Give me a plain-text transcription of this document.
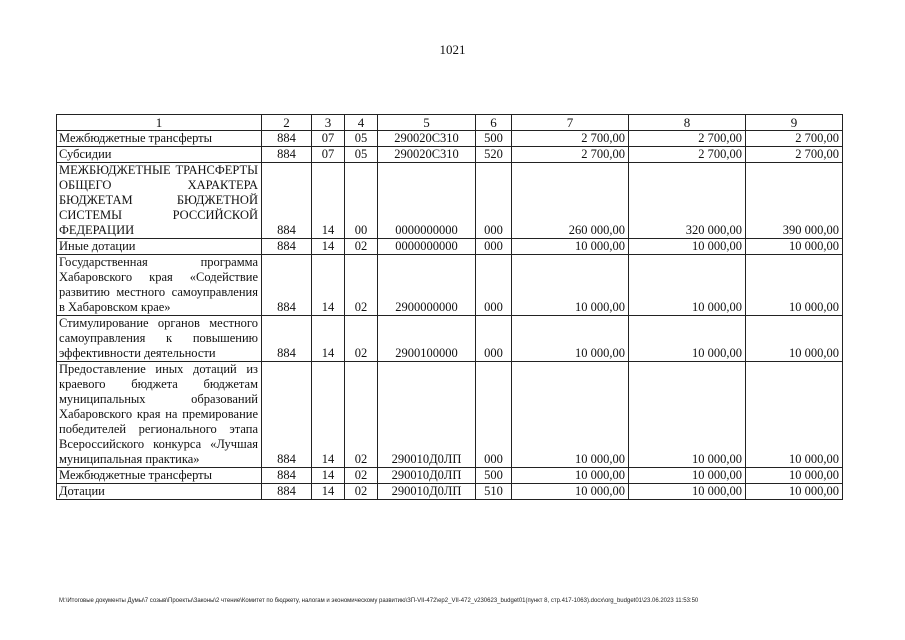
1021
1	2	3	4	5	6	7	8	9

Межбюджетные трансферты	884	07	05	290020С310	500	2 700,00	2 700,00	2 700,00

Субсидии	884	07	05	290020С310	520	2 700,00	2 700,00	2 700,00

МЕЖБЮДЖЕТНЫЕ ТРАНСФЕРТЫ ОБЩЕГО ХАРАКТЕРА БЮДЖЕТАМ БЮДЖЕТНОЙ СИСТЕМЫ РОССИЙСКОЙ ФЕДЕРАЦИИ	884	14	00	0000000000	000	260 000,00	320 000,00	390 000,00

Иные дотации	884	14	02	0000000000	000	10 000,00	10 000,00	10 000,00

Государственная программа Хабаровского края «Содействие развитию местного самоуправления в Хабаровском крае»	884	14	02	2900000000	000	10 000,00	10 000,00	10 000,00

Стимулирование органов местного самоуправления к повышению эффективности деятельности	884	14	02	2900100000	000	10 000,00	10 000,00	10 000,00

Предоставление иных дотаций из краевого бюджета бюджетам муниципальных образований Хабаровского края на премирование победителей регионального этапа Всероссийского конкурса «Лучшая муниципальная практика»	884	14	02	290010Д0ЛП	000	10 000,00	10 000,00	10 000,00

Межбюджетные трансферты	884	14	02	290010Д0ЛП	500	10 000,00	10 000,00	10 000,00

Дотации	884	14	02	290010Д0ЛП	510	10 000,00	10 000,00	10 000,00
M:\Итоговые документы Думы\7 созыв\Проекты\Законы\2 чтение\Комитет по бюджету, налогам и экономическому развитию\ЗП-VII-472\ер2_VII-472_v230623_budget01(пункт 8, стр.417-1063).docx\org_budget01\23.06.2023 11:53:50
